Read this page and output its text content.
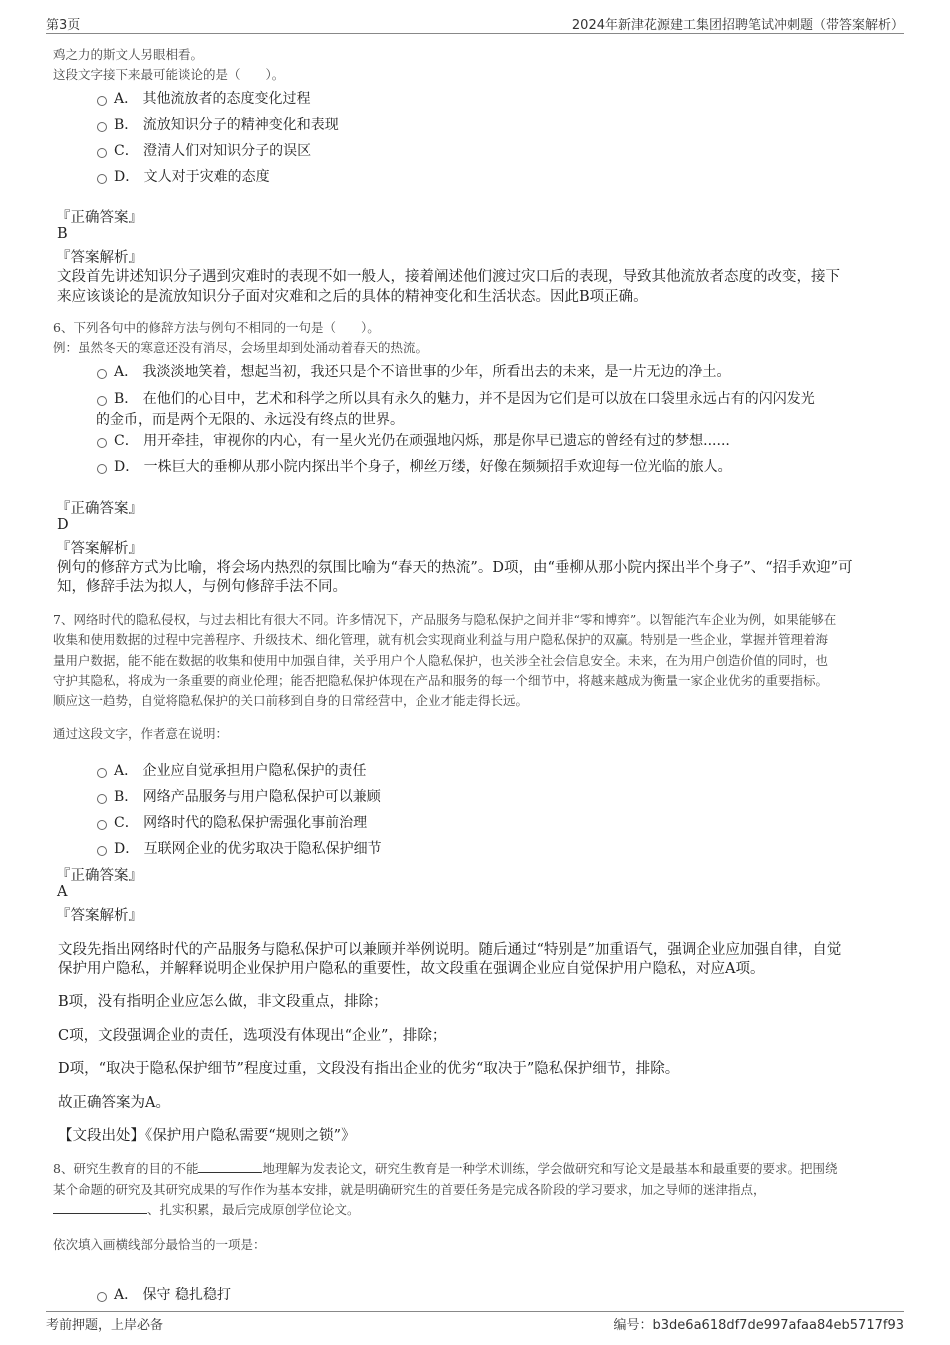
第3页	2024年新津花源建工集团招聘笔试冲刺题（带答案解析）
鸡之力的斯文人另眼相看。
这段文字接下来最可能谈论的是（　　）。
A． 其他流放者的态度变化过程
B． 流放知识分子的精神变化和表现
C． 澄清人们对知识分子的误区
D． 文人对于灾难的态度
『正确答案』
B
『答案解析』
文段首先讲述知识分子遇到灾难时的表现不如一般人，接着阐述他们渡过灾口后的表现，导致其他流放者态度的改变，接下
来应该谈论的是流放知识分子面对灾难和之后的具体的精神变化和生活状态。因此B项正确。
6、下列各句中的修辞方法与例句不相同的一句是（　　）。
例：虽然冬天的寒意还没有消尽，会场里却到处涌动着春天的热流。
A． 我淡淡地笑着，想起当初，我还只是个不谙世事的少年，所看出去的未来，是一片无边的净土。
B． 在他们的心目中，艺术和科学之所以具有永久的魅力，并不是因为它们是可以放在口袋里永远占有的闪闪发光
的金币，而是两个无限的、永远没有终点的世界。
C． 用开牵挂，审视你的内心，有一星火光仍在顽强地闪烁，那是你早已遗忘的曾经有过的梦想......
D． 一株巨大的垂柳从那小院内探出半个身子，柳丝万缕，好像在频频招手欢迎每一位光临的旅人。
『正确答案』
D
『答案解析』
例句的修辞方式为比喻，将会场内热烈的氛围比喻为“春天的热流”。D项，由“垂柳从那小院内探出半个身子”、“招手欢迎”可
知，修辞手法为拟人，与例句修辞手法不同。
7、网络时代的隐私侵权，与过去相比有很大不同。许多情况下，产品服务与隐私保护之间并非“零和博弈”。以智能汽车企业为例，如果能够在
收集和使用数据的过程中完善程序、升级技术、细化管理，就有机会实现商业利益与用户隐私保护的双赢。特别是一些企业，掌握并管理着海
量用户数据，能不能在数据的收集和使用中加强自律，关乎用户个人隐私保护，也关涉全社会信息安全。未来，在为用户创造价值的同时，也
守护其隐私，将成为一条重要的商业伦理；能否把隐私保护体现在产品和服务的每一个细节中，将越来越成为衡量一家企业优劣的重要指标。
顺应这一趋势，自觉将隐私保护的关口前移到自身的日常经营中，企业才能走得长远。
通过这段文字，作者意在说明：
A． 企业应自觉承担用户隐私保护的责任
B． 网络产品服务与用户隐私保护可以兼顾
C． 网络时代的隐私保护需强化事前治理
D． 互联网企业的优劣取决于隐私保护细节
『正确答案』
A
『答案解析』
文段先指出网络时代的产品服务与隐私保护可以兼顾并举例说明。随后通过“特别是”加重语气，强调企业应加强自律，自觉
保护用户隐私，并解释说明企业保护用户隐私的重要性，故文段重在强调企业应自觉保护用户隐私，对应A项。
B项，没有指明企业应怎么做，非文段重点，排除；
C项，文段强调企业的责任，选项没有体现出“企业”，排除；
D项，“取决于隐私保护细节”程度过重，文段没有指出企业的优劣“取决于”隐私保护细节，排除。
故正确答案为A。
【文段出处】《保护用户隐私需要“规则之锁”》
8、研究生教育的目的不能	地理解为发表论文，研究生教育是一种学术训练，学会做研究和写论文是最基本和最重要的要求。把围绕
某个命题的研究及其研究成果的写作作为基本安排，就是明确研究生的首要任务是完成各阶段的学习要求，加之导师的迷津指点，
、扎实积累，最后完成原创学位论文。
依次填入画横线部分最恰当的一项是：
A． 保守 稳扎稳打
考前押题，上岸必备	编号：b3de6a618df7de997afaa84eb5717f93
